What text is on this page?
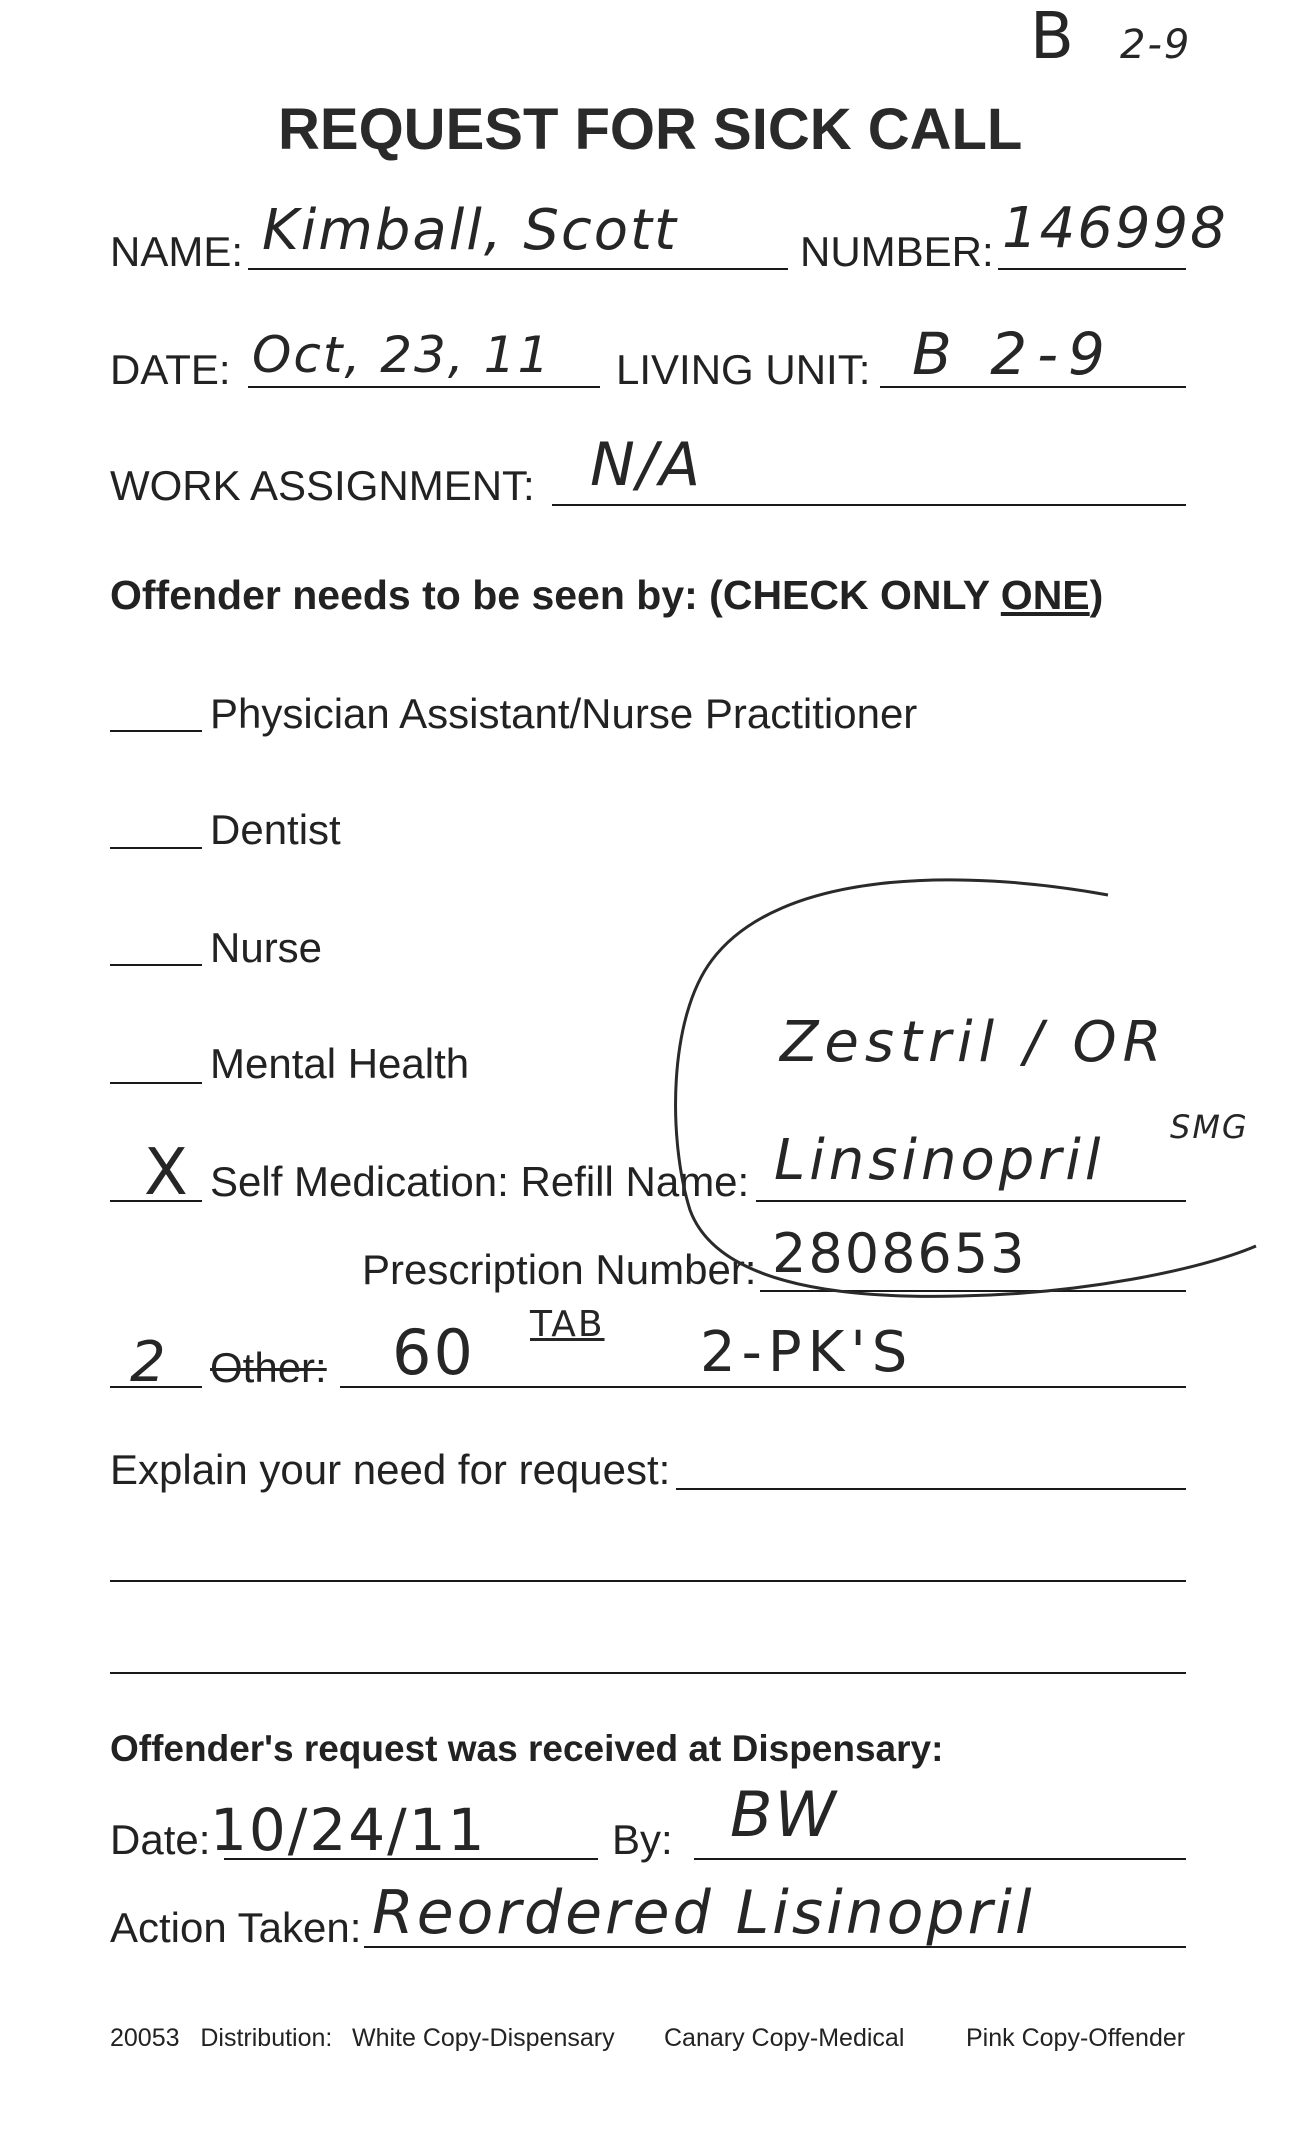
B 2-9
REQUEST FOR SICK CALL
NAME: Kimball, Scott	NUMBER: 146998
DATE: Oct, 23, 11 LIVING UNIT: B 2-9
WORK ASSIGNMENT: N/A
Offender needs to be seen by: (CHECK ONLY ONE)
Physician Assistant/Nurse Practitioner
Dentist
Nurse
Mental Health	Zestril / OR
X Self Medication: Refill Name: Linsinopril
SMG
Prescription Number: 2808653
2 Other: 60 TAB 2-PK'S
Explain your need for request:
Offender's request was received at Dispensary:
Date: 10/24/11	By: BW
Action Taken: Reordered Lisinopril
20053 Distribution: White Copy-Dispensary Canary Copy-Medical Pink Copy-Offender
